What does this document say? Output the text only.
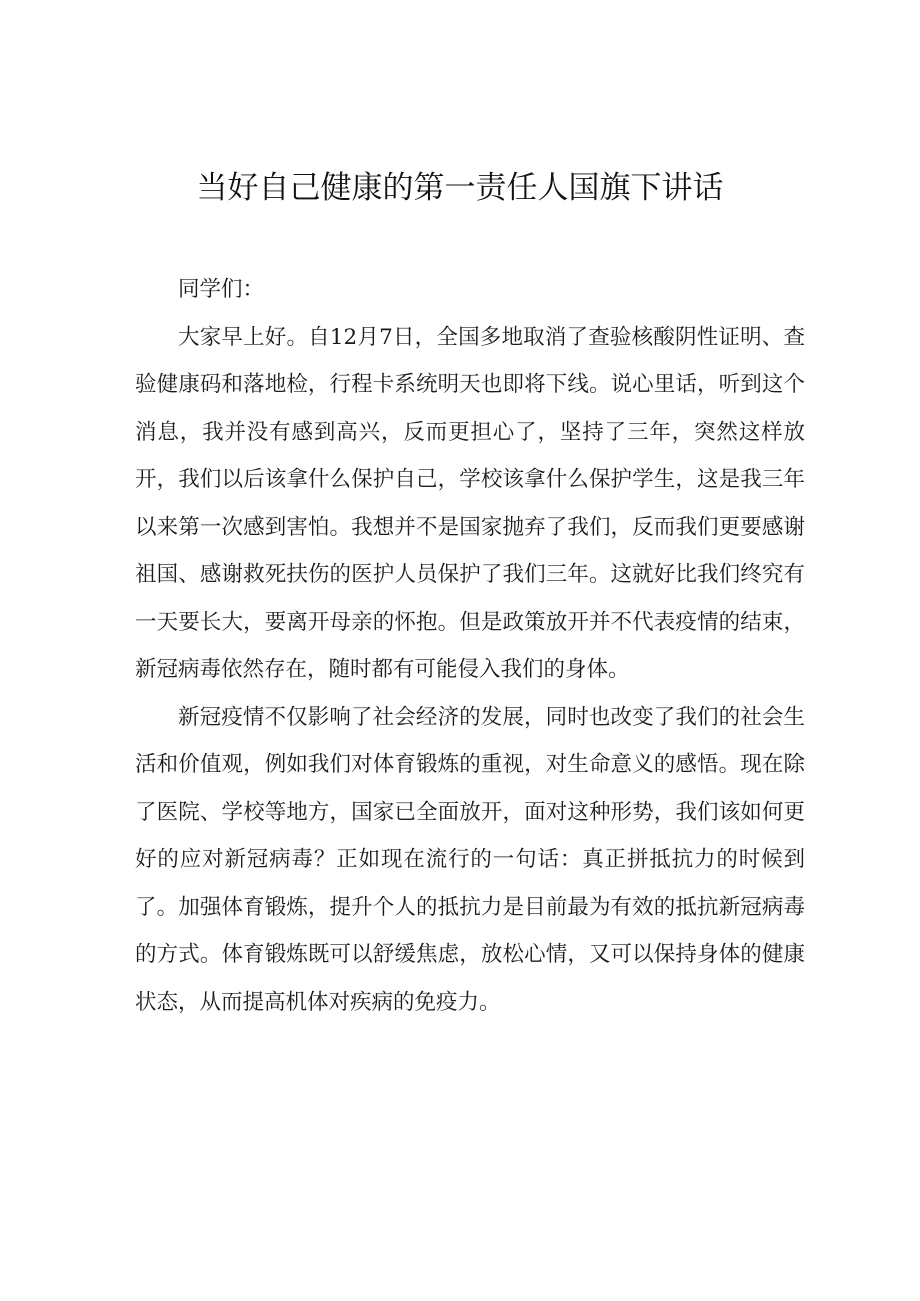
当好自己健康的第一责任人国旗下讲话

同学们：

大家早上好。自12月7日，全国多地取消了查验核酸阴性证明、查验健康码和落地检，行程卡系统明天也即将下线。说心里话，听到这个消息，我并没有感到高兴，反而更担心了，坚持了三年，突然这样放开，我们以后该拿什么保护自己，学校该拿什么保护学生，这是我三年以来第一次感到害怕。我想并不是国家抛弃了我们，反而我们更要感谢祖国、感谢救死扶伤的医护人员保护了我们三年。这就好比我们终究有一天要长大，要离开母亲的怀抱。但是政策放开并不代表疫情的结束，新冠病毒依然存在，随时都有可能侵入我们的身体。

新冠疫情不仅影响了社会经济的发展，同时也改变了我们的社会生活和价值观，例如我们对体育锻炼的重视，对生命意义的感悟。现在除了医院、学校等地方，国家已全面放开，面对这种形势，我们该如何更好的应对新冠病毒？正如现在流行的一句话：真正拼抵抗力的时候到了。加强体育锻炼，提升个人的抵抗力是目前最为有效的抵抗新冠病毒的方式。体育锻炼既可以舒缓焦虑，放松心情，又可以保持身体的健康状态，从而提高机体对疾病的免疫力。
